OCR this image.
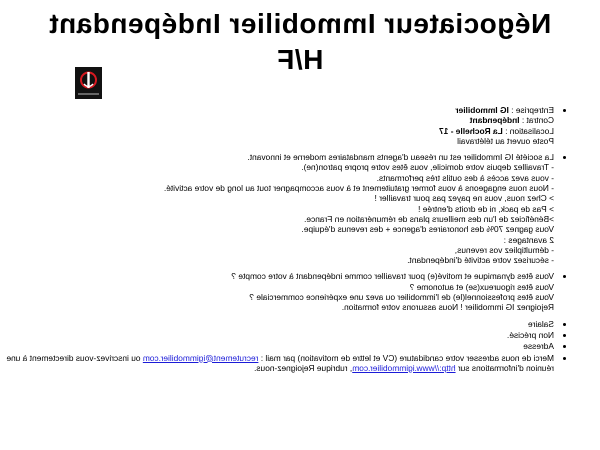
Négociateur Immobilier Indépendant
H/F
• Entreprise : IG Immobilier
Contrat : Indépendant
Localisation : La Rochelle - 17
Poste ouvert au télétravail
• La société IG Immobilier est un réseau d'agents mandataires moderne et innovant.
- Travaillez depuis votre domicile, vous êtes votre propre patron(ne).
- vous avez accès à des outils très performants.
- Nous nous engageons à vous former gratuitement et à vous accompagner tout au long de votre activité.
> Chez nous, vous ne payez pas pour travailler !
> Pas de pack, ni de droits d'entrée !
>Bénéficiez de l'un des meilleurs plans de rémunération en France.
Vous gagnez 70% des honoraires d'agence + des revenus d'équipe.
2 avantages :
- démultipliez vos revenus,
- sécurisez votre activité d'indépendant.
• Vous êtes dynamique et motivé(e) pour travailler comme indépendant à votre compte ?
Vous êtes rigoureux(se) et autonome ?
Vous êtes professionnel(le) de l'immobilier ou avez une expérience commerciale ?
Rejoignez IG immobilier ! Nous assurons votre formation.
• Salaire
• Non précisé.
• Adresse
• Merci de nous adresser votre candidature (CV et lettre de motivation) par mail : recrutement@igimmobilier.com ou inscrivez-vous directement à une réunion d'informations sur http://www.igimmobilier.com, rubrique Rejoignez-nous.
